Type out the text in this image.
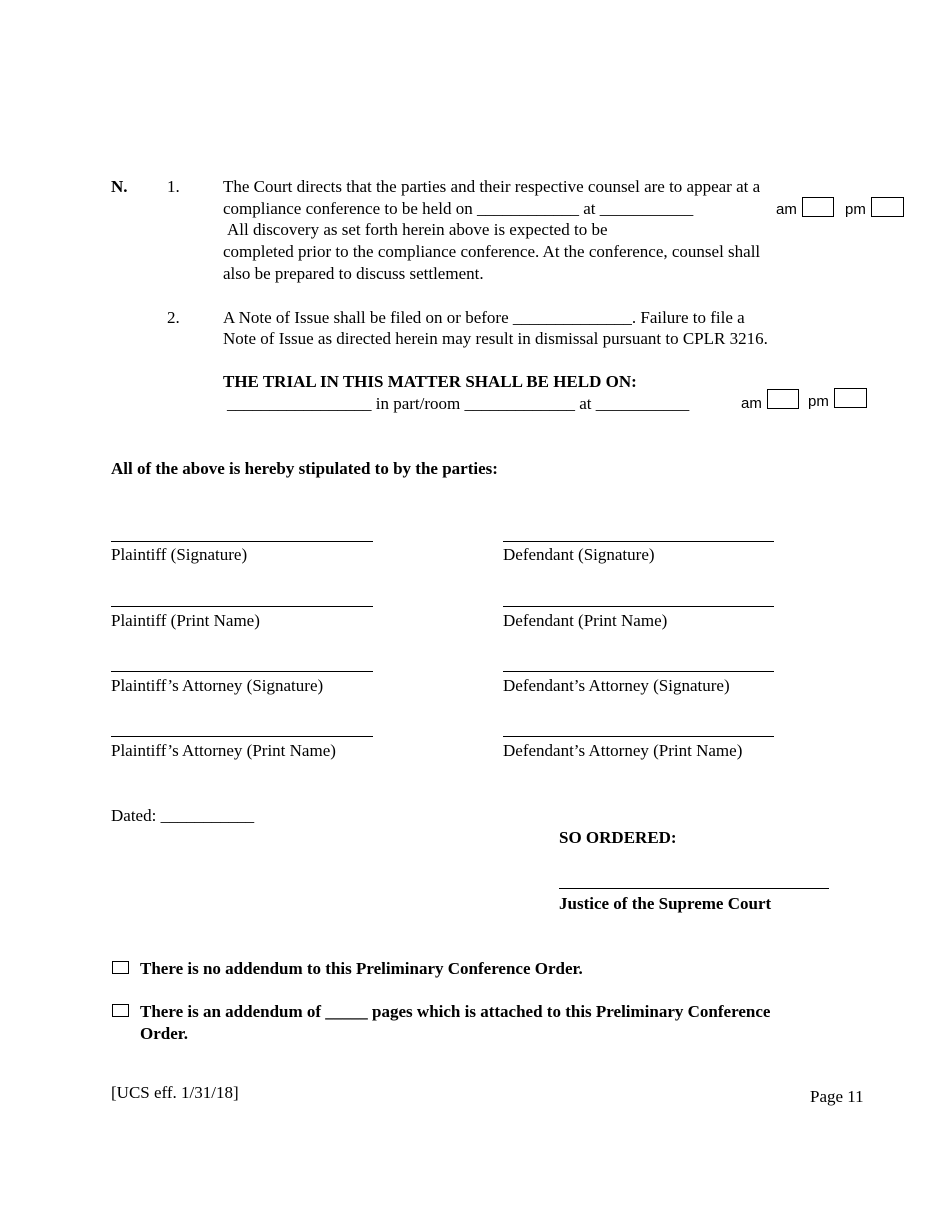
N. 1.	The Court directs that the parties and their respective counsel are to appear at a
compliance conference to be held on ____________ at ___________	am	pm
All discovery as set forth herein above is expected to be
completed prior to the compliance conference. At the conference, counsel shall
also be prepared to discuss settlement.
2.	A Note of Issue shall be filed on or before ______________. Failure to file a
Note of Issue as directed herein may result in dismissal pursuant to CPLR 3216.
THE TRIAL IN THIS MATTER SHALL BE HELD ON:
_________________ in part/room _____________ at ___________	am	pm
All of the above is hereby stipulated to by the parties:
Plaintiff (Signature)	Defendant (Signature)
Plaintiff (Print Name)	Defendant (Print Name)
Plaintiff’s Attorney (Signature)	Defendant’s Attorney (Signature)
Plaintiff’s Attorney (Print Name)	Defendant’s Attorney (Print Name)
Dated: ___________
SO ORDERED:
Justice of the Supreme Court
There is no addendum to this Preliminary Conference Order.
There is an addendum of _____ pages which is attached to this Preliminary Conference
Order.
[UCS eff. 1/31/18]	Page 11
